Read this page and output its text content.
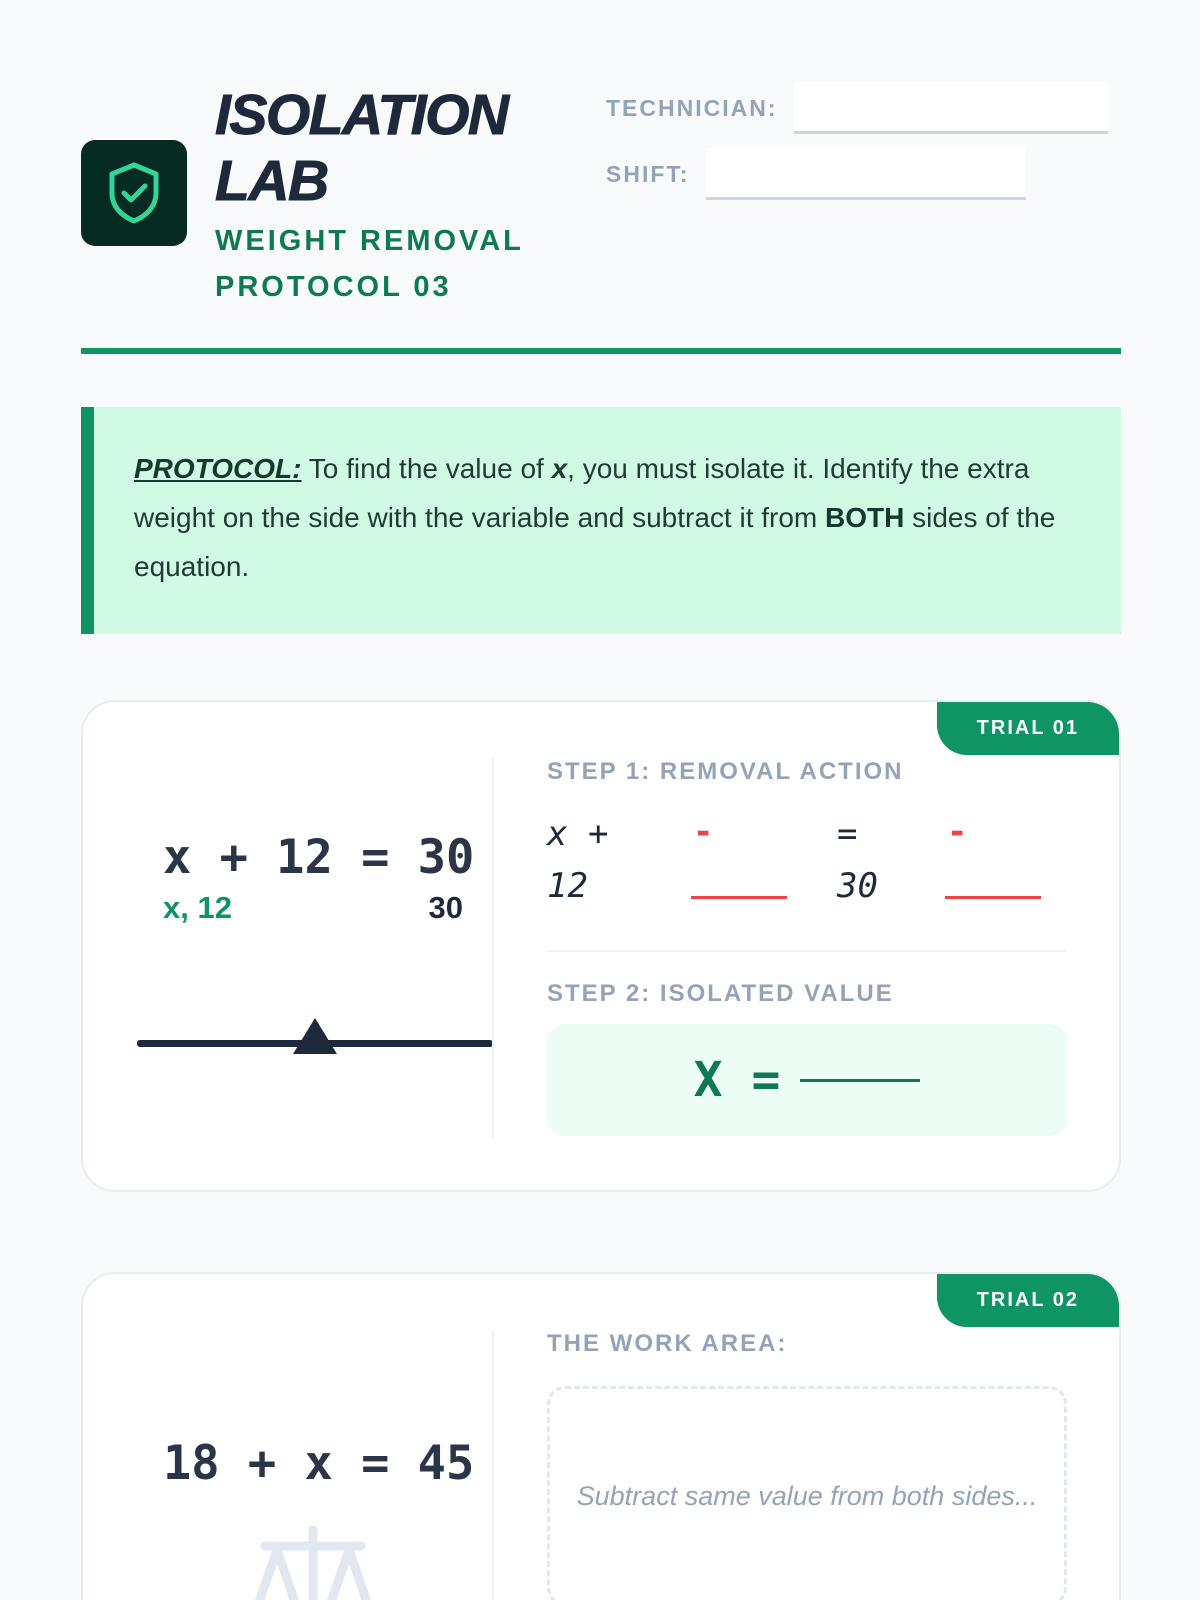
ISOLATION
LAB
WEIGHT REMOVAL
PROTOCOL 03
TECHNICIAN:
SHIFT:
PROTOCOL: To find the value of x, you must isolate it. Identify the extra weight on the side with the variable and subtract it from BOTH sides of the equation.
TRIAL 01
x + 12 = 30
x, 12	30
STEP 1: REMOVAL ACTION
x +
12
-	=
30
-
STEP 2: ISOLATED VALUE
X =
TRIAL 02
18 + x = 45
THE WORK AREA:
Subtract same value from both sides...
